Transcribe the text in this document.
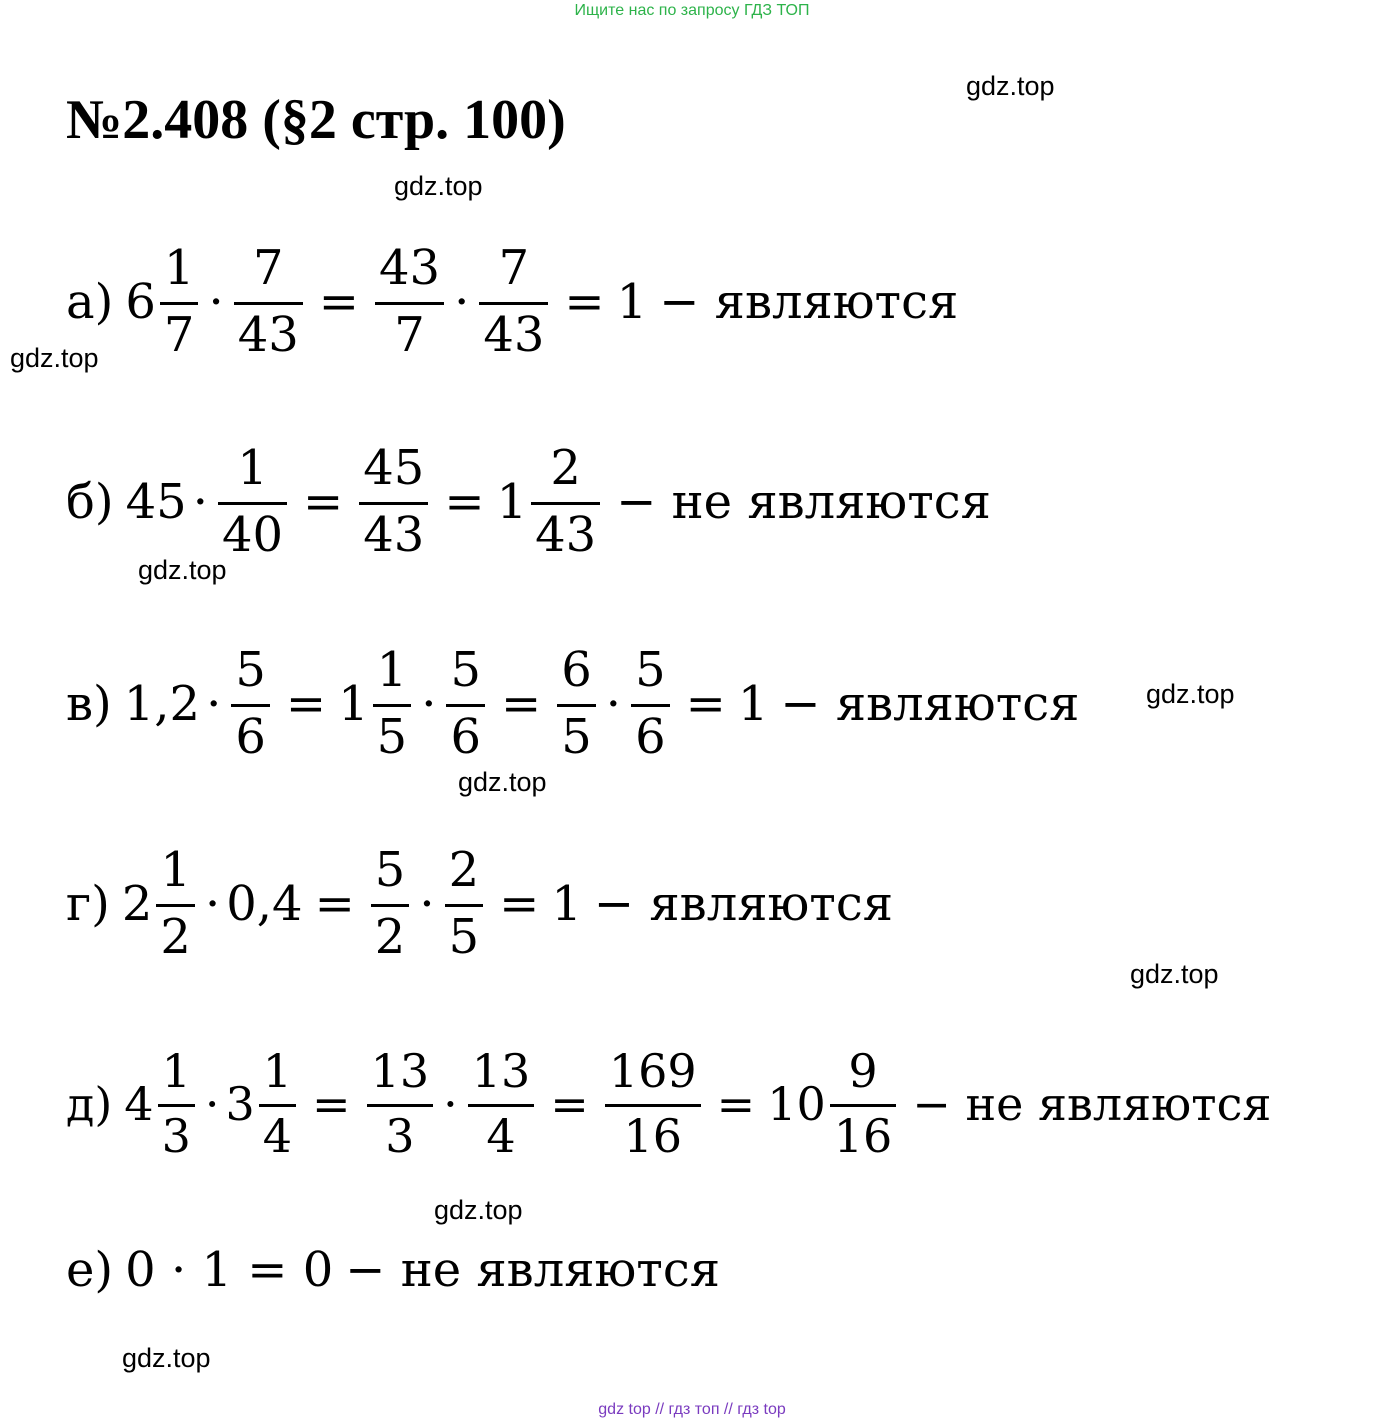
Ищите нас по запросу ГДЗ ТОП
№2.408 (§2 стр. 100)
gdz.top
gdz.top
gdz.top
gdz.top
gdz.top
gdz.top
gdz.top
gdz.top
gdz.top
а) $6 \frac{1}{7} \cdot \frac{7}{43} = \frac{43}{7} \cdot \frac{7}{43} = 1$ − являются
б) $45 \cdot \frac{1}{40} = \frac{45}{43} = 1 \frac{2}{43}$ − не являются
в) $1,2 \cdot \frac{5}{6} = 1 \frac{1}{5} \cdot \frac{5}{6} = \frac{6}{5} \cdot \frac{5}{6} = 1$ − являются
г) $2 \frac{1}{2} \cdot 0,4 = \frac{5}{2} \cdot \frac{2}{5} = 1$ − являются
д) $4 \frac{1}{3} \cdot 3 \frac{1}{4} = \frac{13}{3} \cdot \frac{13}{4} = \frac{169}{16} = 10 \frac{9}{16}$ − не являются
е) 0 · 1 = 0 − не являются
gdz top // гдз топ // гдз top
